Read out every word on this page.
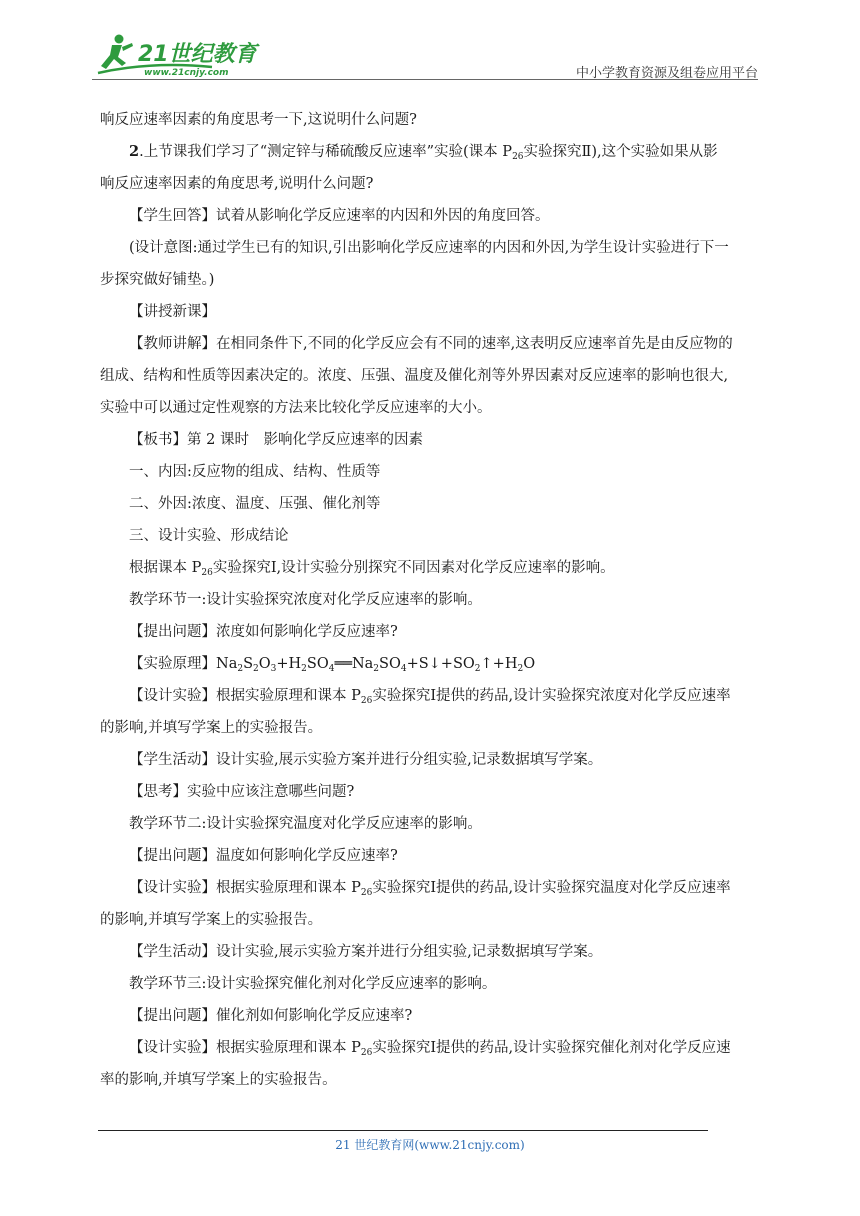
21世纪教育
www.21cnjy.com	中小学教育资源及组卷应用平台

响反应速率因素的角度思考一下,这说明什么问题?

2.上节课我们学习了“测定锌与稀硫酸反应速率”实验(课本 $P_{26}$实验探究Ⅱ),这个实验如果从影

响反应速率因素的角度思考,说明什么问题?

【学生回答】试着从影响化学反应速率的内因和外因的角度回答。

(设计意图:通过学生已有的知识,引出影响化学反应速率的内因和外因,为学生设计实验进行下一

步探究做好铺垫。)

【讲授新课】

【教师讲解】在相同条件下,不同的化学反应会有不同的速率,这表明反应速率首先是由反应物的

组成、结构和性质等因素决定的。浓度、压强、温度及催化剂等外界因素对反应速率的影响也很大,

实验中可以通过定性观察的方法来比较化学反应速率的大小。

【板书】第 2 课时　影响化学反应速率的因素

一、内因:反应物的组成、结构、性质等

二、外因:浓度、温度、压强、催化剂等

三、设计实验、形成结论

根据课本 $P_{26}$实验探究Ⅰ,设计实验分别探究不同因素对化学反应速率的影响。

教学环节一:设计实验探究浓度对化学反应速率的影响。

【提出问题】浓度如何影响化学反应速率?

【实验原理】$Na_2S_2O_3+H_2SO_4══Na_2SO_4+S↓+SO_2↑+H_2O$

【设计实验】根据实验原理和课本 $P_{26}$实验探究Ⅰ提供的药品,设计实验探究浓度对化学反应速率

的影响,并填写学案上的实验报告。

【学生活动】设计实验,展示实验方案并进行分组实验,记录数据填写学案。

【思考】实验中应该注意哪些问题?

教学环节二:设计实验探究温度对化学反应速率的影响。

【提出问题】温度如何影响化学反应速率?

【设计实验】根据实验原理和课本 $P_{26}$实验探究Ⅰ提供的药品,设计实验探究温度对化学反应速率

的影响,并填写学案上的实验报告。

【学生活动】设计实验,展示实验方案并进行分组实验,记录数据填写学案。

教学环节三:设计实验探究催化剂对化学反应速率的影响。

【提出问题】催化剂如何影响化学反应速率?

【设计实验】根据实验原理和课本 $P_{26}$实验探究Ⅰ提供的药品,设计实验探究催化剂对化学反应速

率的影响,并填写学案上的实验报告。

21 世纪教育网(www.21cnjy.com)
